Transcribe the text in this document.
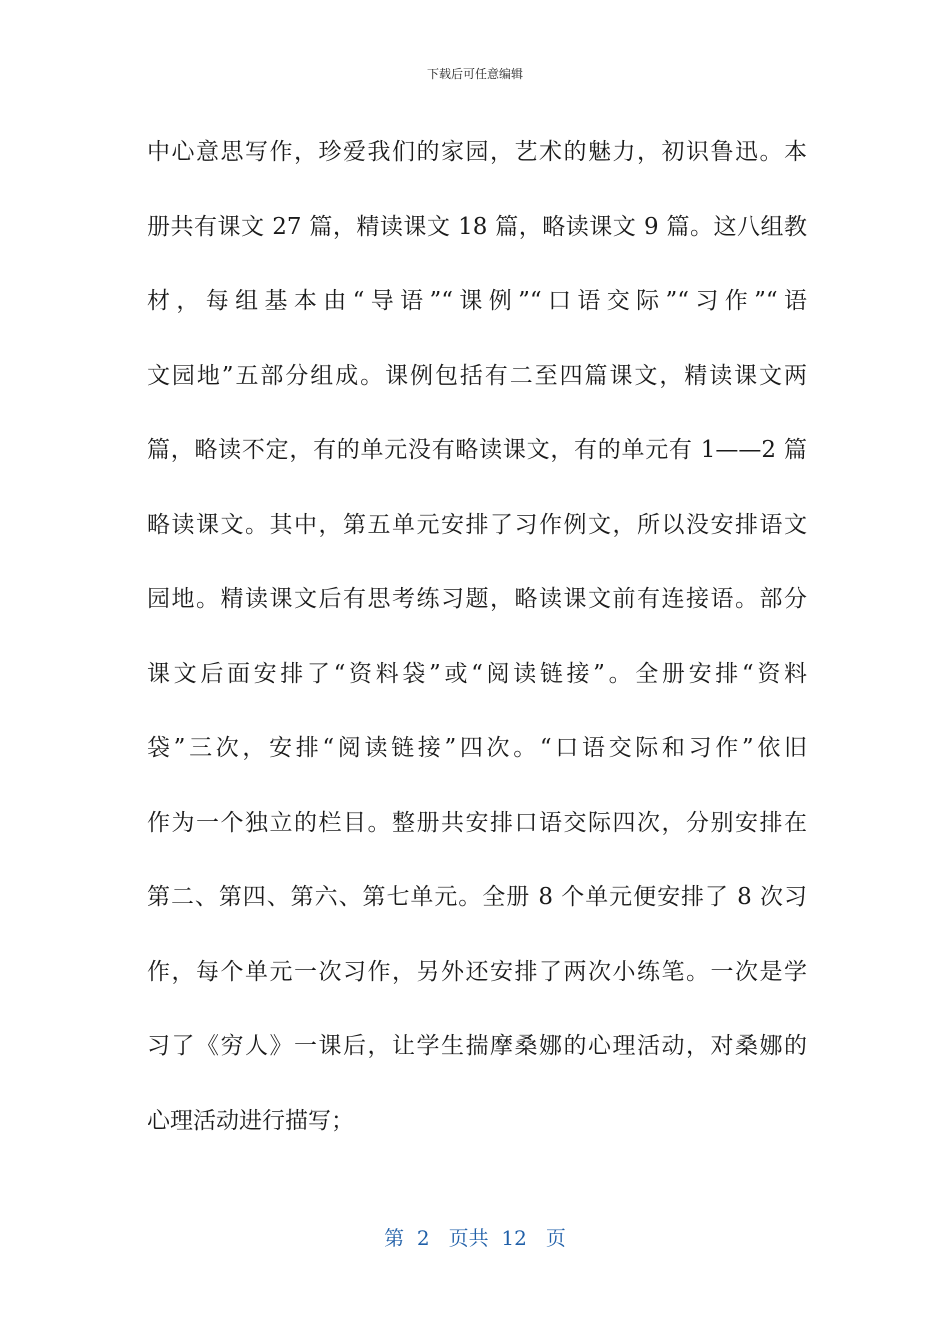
下载后可任意编辑
中心意思写作，珍爱我们的家园，艺术的魅力，初识鲁迅。本
册共有课文 27 篇，精读课文 18 篇，略读课文 9 篇。这八组教
材，每组基本由“导语”“课例”“口语交际”“习作”“语
文园地”五部分组成。课例包括有二至四篇课文，精读课文两
篇，略读不定，有的单元没有略读课文，有的单元有 1——2 篇
略读课文。其中，第五单元安排了习作例文，所以没安排语文
园地。精读课文后有思考练习题，略读课文前有连接语。部分
课文后面安排了“资料袋”或“阅读链接”。全册安排“资料
袋”三次，安排“阅读链接”四次。“口语交际和习作”依旧
作为一个独立的栏目。整册共安排口语交际四次，分别安排在
第二、第四、第六、第七单元。全册 8 个单元便安排了 8 次习
作，每个单元一次习作，另外还安排了两次小练笔。一次是学
习了《穷人》一课后，让学生揣摩桑娜的心理活动，对桑娜的
心理活动进行描写；
第  2   页共  12   页
